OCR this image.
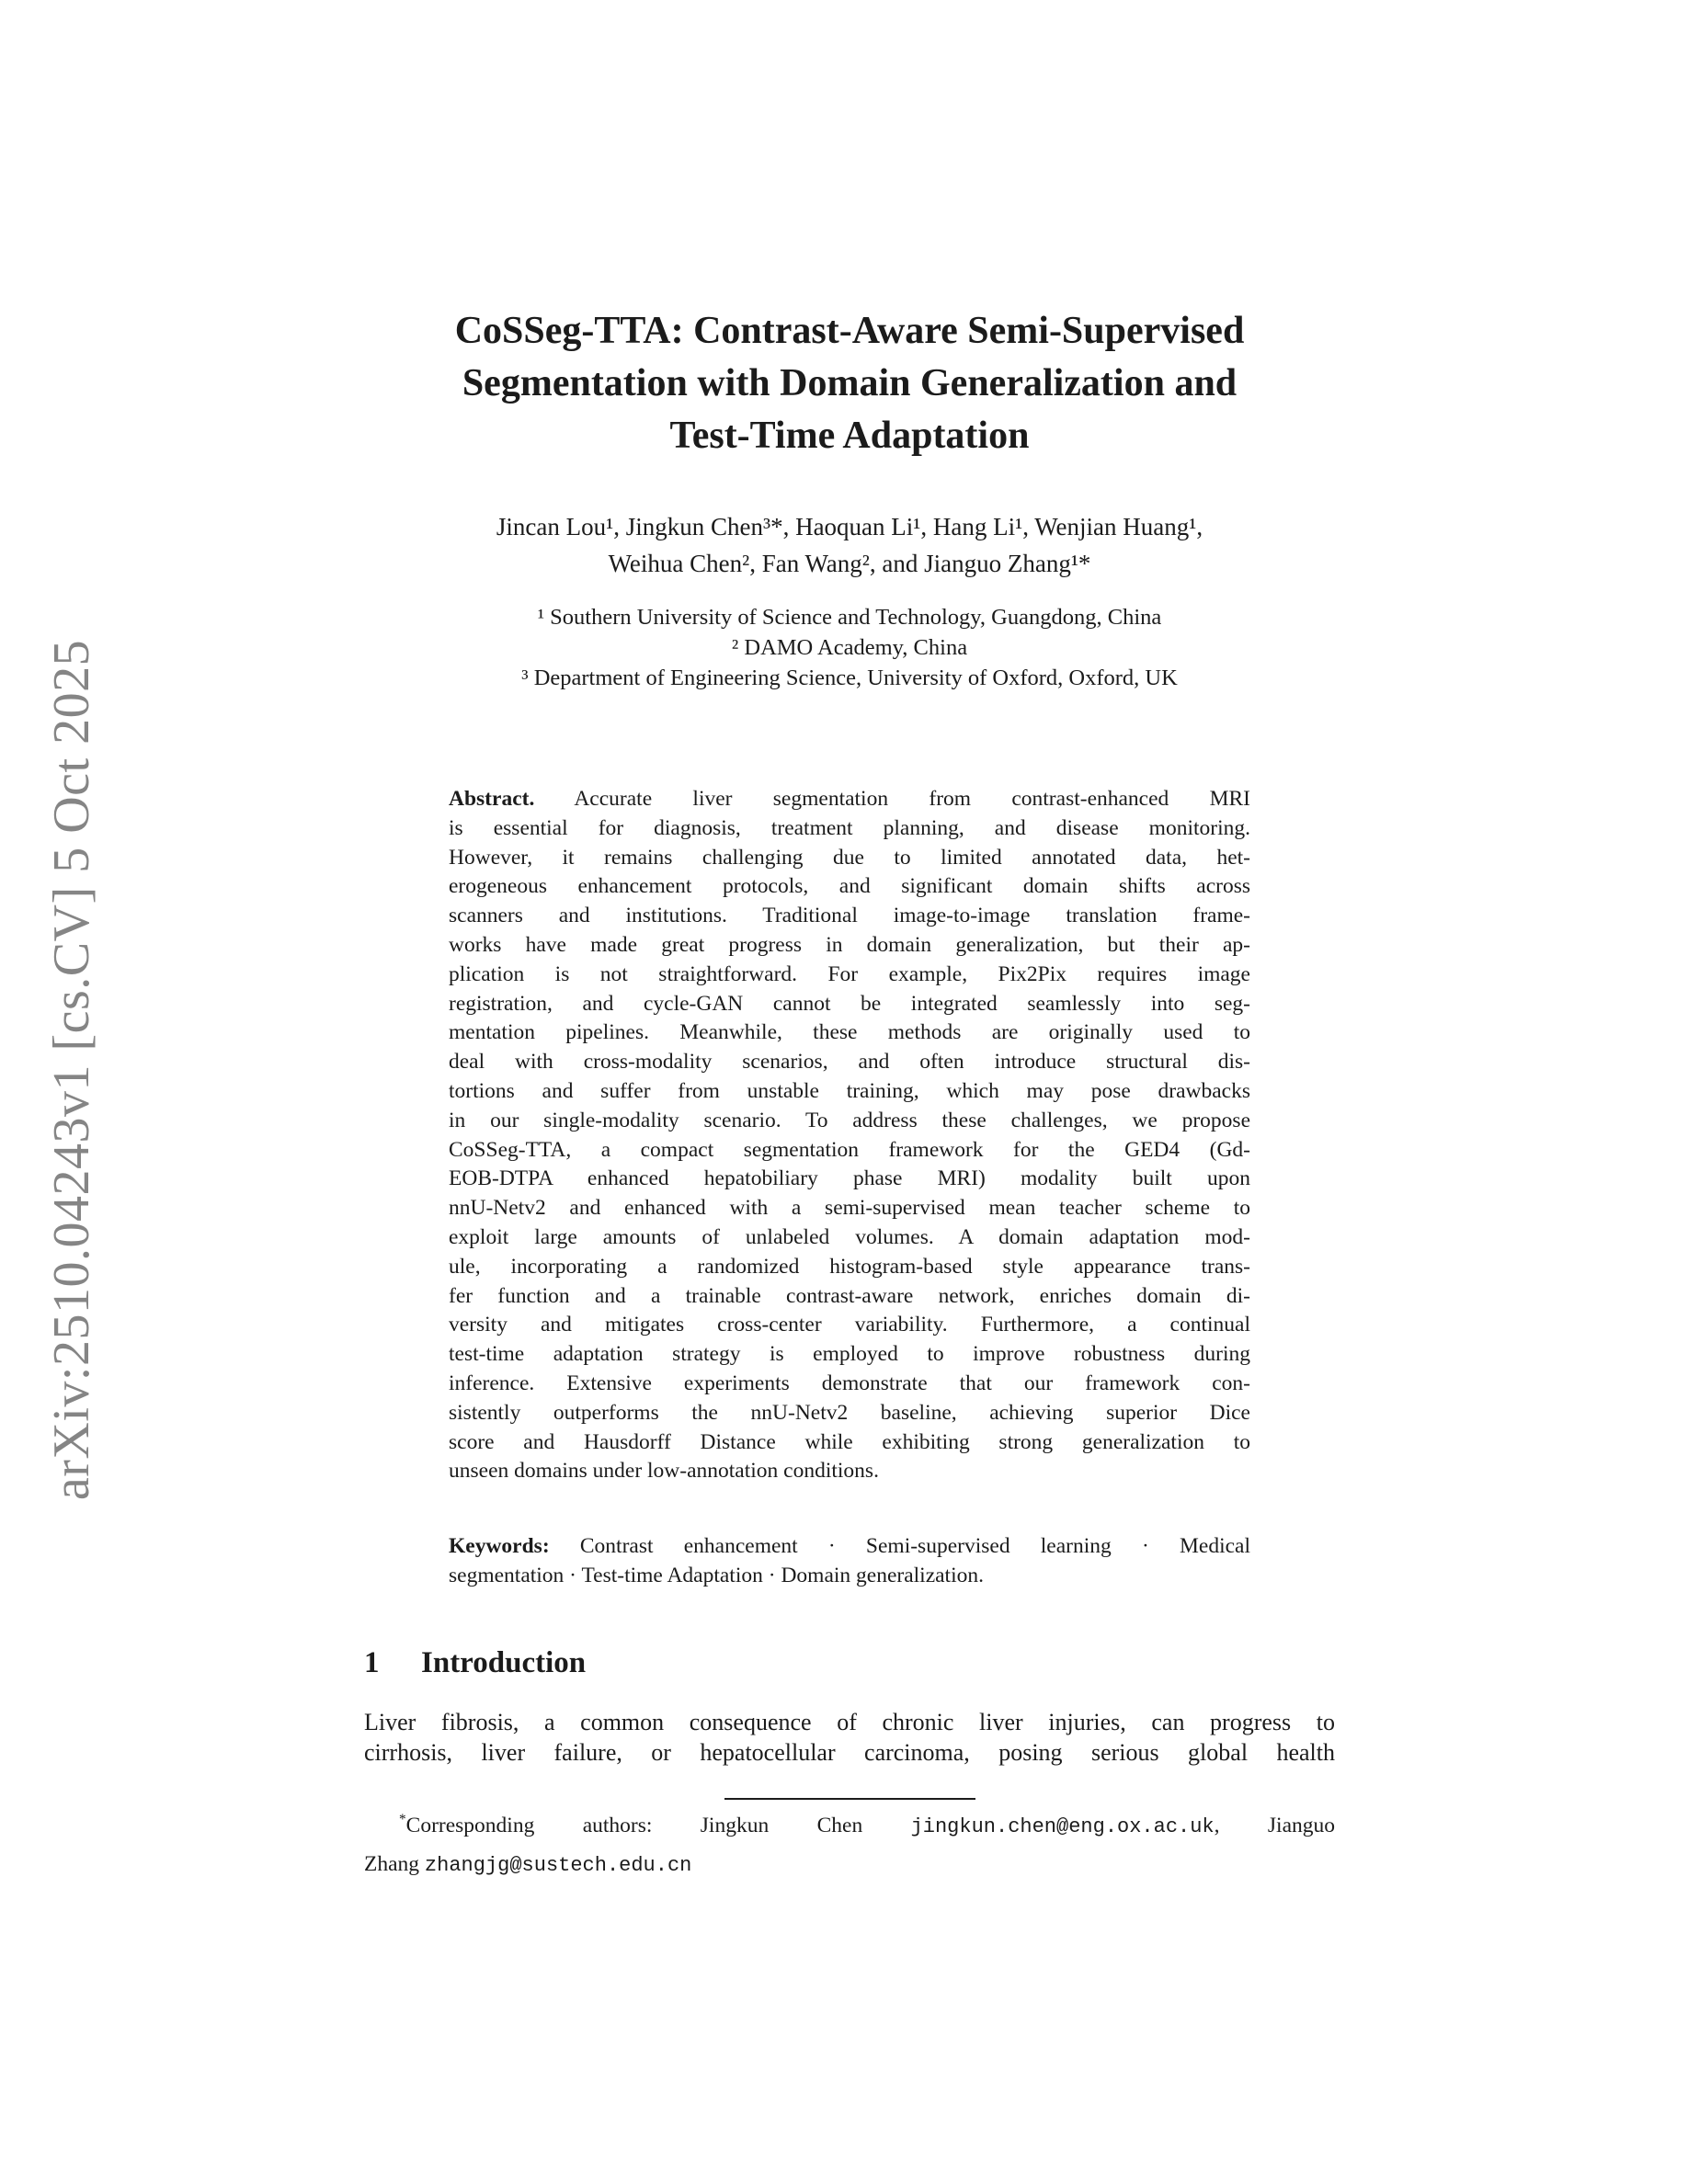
arXiv:2510.04243v1 [cs.CV] 5 Oct 2025
CoSSeg-TTA: Contrast-Aware Semi-Supervised
Segmentation with Domain Generalization and
Test-Time Adaptation
Jincan Lou¹, Jingkun Chen³*, Haoquan Li¹, Hang Li¹, Wenjian Huang¹,
Weihua Chen², Fan Wang², and Jianguo Zhang¹*
¹ Southern University of Science and Technology, Guangdong, China
² DAMO Academy, China
³ Department of Engineering Science, University of Oxford, Oxford, UK
Abstract. Accurate liver segmentation from contrast-enhanced MRI
is essential for diagnosis, treatment planning, and disease monitoring.
However, it remains challenging due to limited annotated data, het-
erogeneous enhancement protocols, and significant domain shifts across
scanners and institutions. Traditional image-to-image translation frame-
works have made great progress in domain generalization, but their ap-
plication is not straightforward. For example, Pix2Pix requires image
registration, and cycle-GAN cannot be integrated seamlessly into seg-
mentation pipelines. Meanwhile, these methods are originally used to
deal with cross-modality scenarios, and often introduce structural dis-
tortions and suffer from unstable training, which may pose drawbacks
in our single-modality scenario. To address these challenges, we propose
CoSSeg-TTA, a compact segmentation framework for the GED4 (Gd-
EOB-DTPA enhanced hepatobiliary phase MRI) modality built upon
nnU-Netv2 and enhanced with a semi-supervised mean teacher scheme to
exploit large amounts of unlabeled volumes. A domain adaptation mod-
ule, incorporating a randomized histogram-based style appearance trans-
fer function and a trainable contrast-aware network, enriches domain di-
versity and mitigates cross-center variability. Furthermore, a continual
test-time adaptation strategy is employed to improve robustness during
inference. Extensive experiments demonstrate that our framework con-
sistently outperforms the nnU-Netv2 baseline, achieving superior Dice
score and Hausdorff Distance while exhibiting strong generalization to
unseen domains under low-annotation conditions.
Keywords: Contrast enhancement · Semi-supervised learning · Medical
segmentation · Test-time Adaptation · Domain generalization.
1 Introduction
Liver fibrosis, a common consequence of chronic liver injuries, can progress to
cirrhosis, liver failure, or hepatocellular carcinoma, posing serious global health
*Corresponding authors: Jingkun Chen jingkun.chen@eng.ox.ac.uk, Jianguo
Zhang zhangjg@sustech.edu.cn
